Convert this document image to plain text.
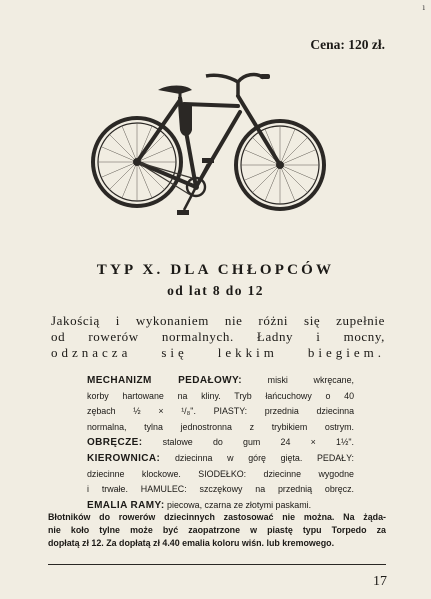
ı
Cena: 120 zł.
TYP X. DLA CHŁOPCÓW
od lat 8 do 12
Jakością i wykonaniem nie różni się zupełnie
od rowerów normalnych. Ładny i mocny,
odznacza się lekkim biegiem.
MECHANIZM PEDAŁOWY: miski wkręcane,
korby hartowane na kliny. Tryb łańcuchowy o 40
zębach ½ × ¹/₈". PIASTY: przednia dziecinna
normalna, tylna jednostronna z trybikiem ostrym.
OBRĘCZE: stalowe do gum 24 × 1½".
KIEROWNICA: dziecinna w górę gięta. PEDAŁY:
dziecinne klockowe. SIODEŁKO: dziecinne wygodne
i trwałe. HAMULEC: szczękowy na przednią obręcz.
EMALIA RAMY: piecowa, czarna ze złotymi paskami.
Błotników do rowerów dziecinnych zastosować nie można. Na żąda-
nie koło tylne może być zaopatrzone w piastę typu Torpedo za
dopłatą zł 12. Za dopłatą zł 4.40 emalia koloru wiśn. lub kremowego.
17
